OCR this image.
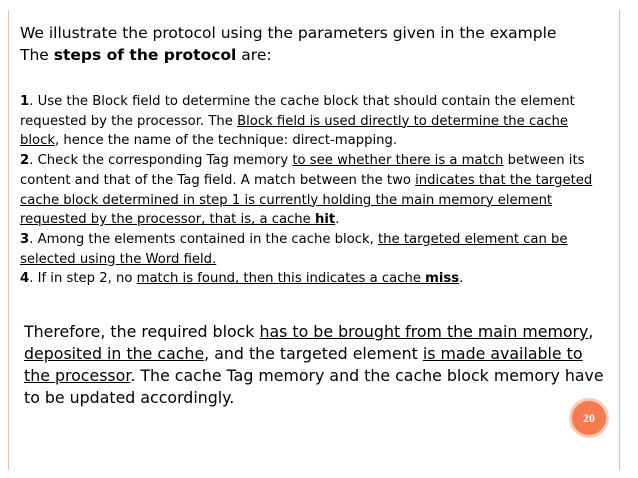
We illustrate the protocol using the parameters given in the example
The steps of the protocol are:
1. Use the Block field to determine the cache block that should contain the element requested by the processor. The Block field is used directly to determine the cache block, hence the name of the technique: direct-mapping.
2. Check the corresponding Tag memory to see whether there is a match between its content and that of the Tag field. A match between the two indicates that the targeted cache block determined in step 1 is currently holding the main memory element requested by the processor, that is, a cache hit.
3. Among the elements contained in the cache block, the targeted element can be selected using the Word field.
4. If in step 2, no match is found, then this indicates a cache miss.
Therefore, the required block has to be brought from the main memory, deposited in the cache, and the targeted element is made available to the processor. The cache Tag memory and the cache block memory have to be updated accordingly.
20
